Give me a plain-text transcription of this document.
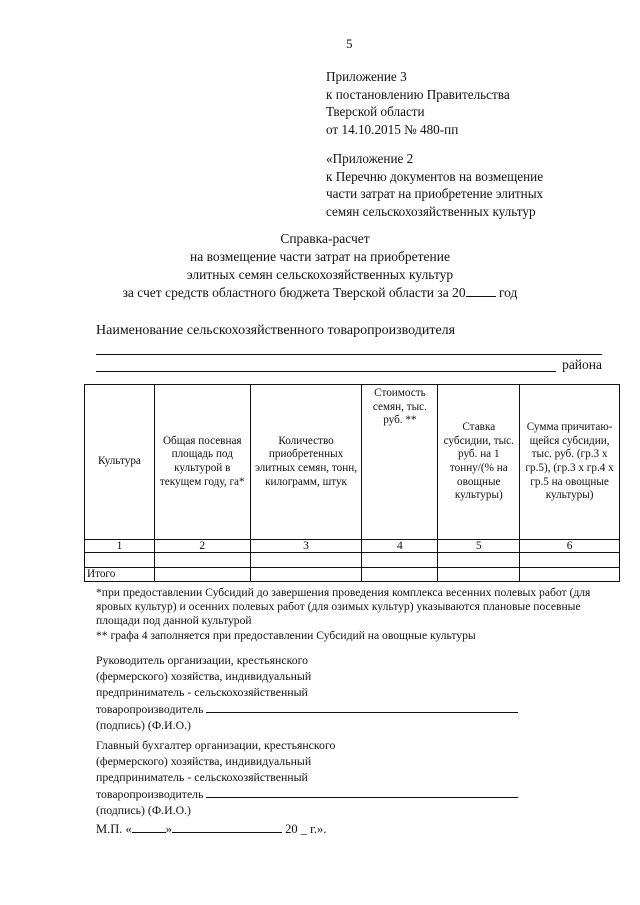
5
Приложение 3
к постановлению Правительства
Тверской области
от 14.10.2015 № 480-пп
«Приложение 2
к Перечню документов на возмещение
части затрат на приобретение элитных
семян сельскохозяйственных культур
Справка-расчет
на возмещение части затрат на приобретение
элитных семян сельскохозяйственных культур
за счет средств областного бюджета Тверской области за 20 год
Наименование сельскохозяйственного товаропроизводителя
района
Культура	Общая посевная площадь под культурой в текущем году, га*	Количество приобретенных элитных семян, тонн, килограмм, штук	Стоимость семян, тыс. руб. **	Ставка субсидии, тыс. руб. на 1 тонну/(% на овощные культуры)	Сумма причитаю-щейся субсидии, тыс. руб. (гр.3 х гр.5), (гр.3 х гр.4 х гр.5 на овощные культуры)
1	2	3	4	5	6

Итого					
*при предоставлении Субсидий до завершения проведения комплекса весенних полевых работ (для яровых культур) и осенних полевых работ (для озимых культур) указываются плановые посевные площади под данной культурой
** графа 4 заполняется при предоставлении Субсидий на овощные культуры
Руководитель организации, крестьянского
(фермерского) хозяйства, индивидуальный
предприниматель - сельскохозяйственный
товаропроизводитель
(подпись) (Ф.И.О.)
Главный бухгалтер организации, крестьянского
(фермерского) хозяйства, индивидуальный
предприниматель - сельскохозяйственный
товаропроизводитель
(подпись) (Ф.И.О.)
М.П. «	»	20 _ г.».
